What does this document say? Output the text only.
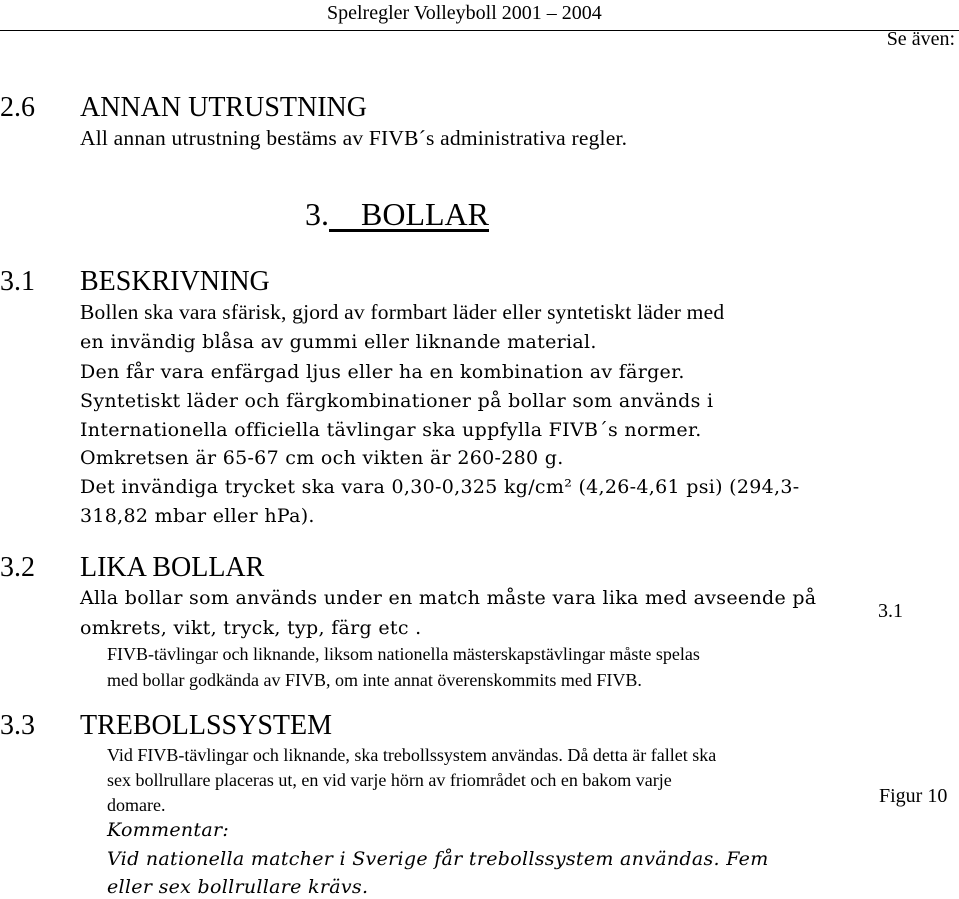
Spelregler Volleyboll 2001 – 2004
Se även:
2.6 ANNAN UTRUSTNING
All annan utrustning bestäms av FIVB´s administrativa regler.
3. BOLLAR
3.1 BESKRIVNING
Bollen ska vara sfärisk, gjord av formbart läder eller syntetiskt läder med
en invändig blåsa av gummi eller liknande material.
Den får vara enfärgad ljus eller ha en kombination av färger.
Syntetiskt läder och färgkombinationer på bollar som används i
Internationella officiella tävlingar ska uppfylla FIVB´s normer.
Omkretsen är 65-67 cm och vikten är 260-280 g.
Det invändiga trycket ska vara 0,30-0,325 kg/cm² (4,26-4,61 psi) (294,3-
318,82 mbar eller hPa).
3.2 LIKA BOLLAR
Alla bollar som används under en match måste vara lika med avseende på
omkrets, vikt, tryck, typ, färg etc .
FIVB-tävlingar och liknande, liksom nationella mästerskapstävlingar måste spelas
med bollar godkända av FIVB, om inte annat överenskommits med FIVB.
3.1
3.3 TREBOLLSSYSTEM
Vid FIVB-tävlingar och liknande, ska trebollssystem användas. Då detta är fallet ska
sex bollrullare placeras ut, en vid varje hörn av friområdet och en bakom varje
domare.
Kommentar:
Vid nationella matcher i Sverige får trebollssystem användas. Fem
eller sex bollrullare krävs.
Figur 10
